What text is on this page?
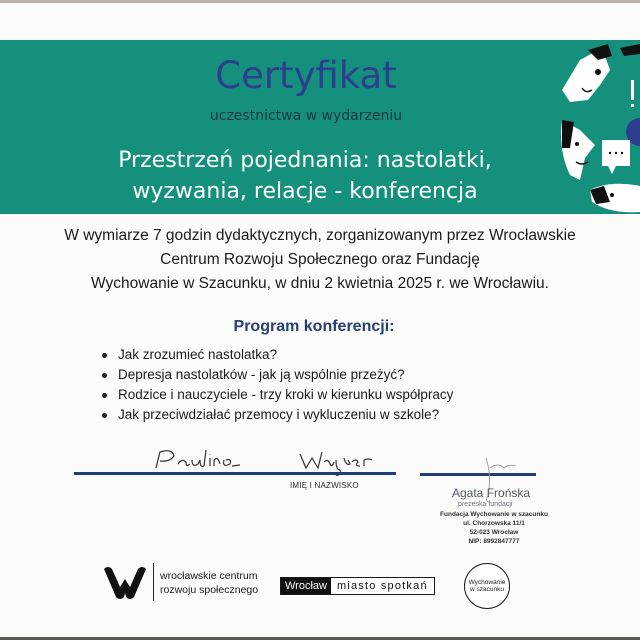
Certyfikat
uczestnictwa w wydarzeniu
Przestrzeń pojednania: nastolatki,
wyzwania, relacje - konferencja
W wymiarze 7 godzin dydaktycznych, zorganizowanym przez Wrocławskie
Centrum Rozwoju Społecznego oraz Fundację
Wychowanie w Szacunku, w dniu 2 kwietnia 2025 r. we Wrocławiu.
Program konferencji:
Jak zrozumieć nastolatka?
Depresja nastolatków - jak ją wspólnie przeżyć?
Rodzice i nauczyciele - trzy kroki w kierunku współpracy
Jak przeciwdziałać przemocy i wykluczeniu w szkole?
IMIĘ I NAZWISKO
Agata Frońska
prezeska fundacji
Fundacja Wychowanie w szacunku
ul. Chorzowska 11/1
52-023 Wrocław
NIP: 8992847777
wrocławskie centrum
rozwoju społecznego	Wrocław miasto spotkań	Wychowanie
w szacunku
